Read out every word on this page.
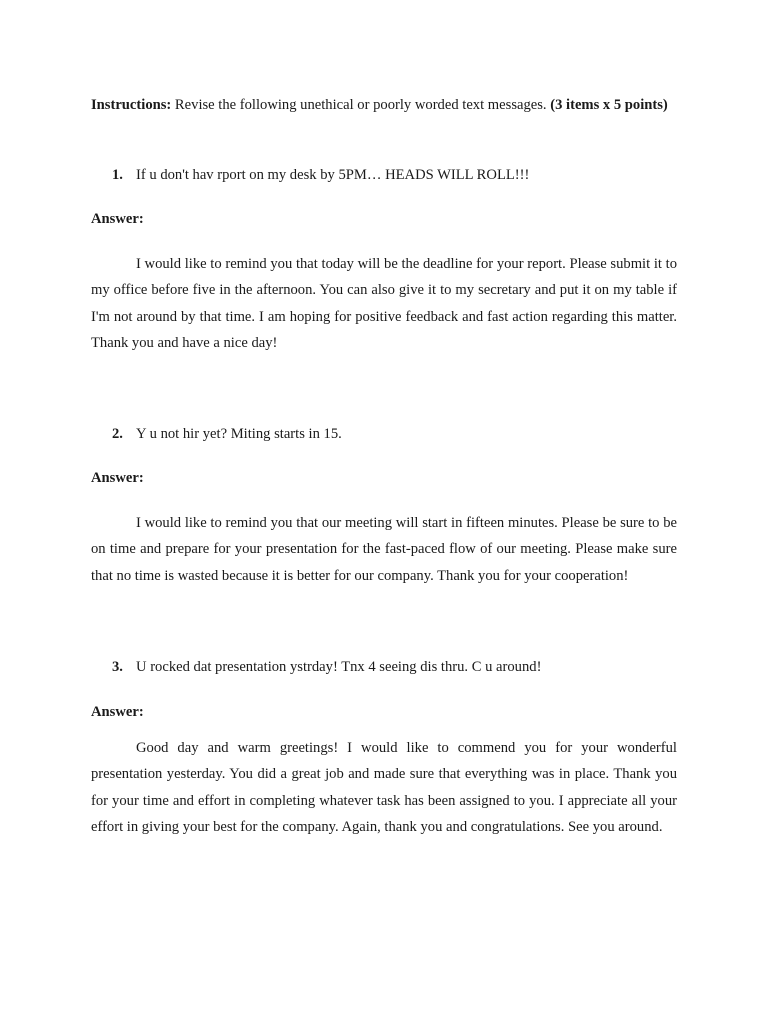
Instructions: Revise the following unethical or poorly worded text messages. (3 items x 5 points)
1. If u don't hav rport on my desk by 5PM… HEADS WILL ROLL!!!
Answer:
I would like to remind you that today will be the deadline for your report. Please submit it to my office before five in the afternoon. You can also give it to my secretary and put it on my table if I'm not around by that time. I am hoping for positive feedback and fast action regarding this matter. Thank you and have a nice day!
2. Y u not hir yet? Miting starts in 15.
Answer:
I would like to remind you that our meeting will start in fifteen minutes. Please be sure to be on time and prepare for your presentation for the fast-paced flow of our meeting. Please make sure that no time is wasted because it is better for our company. Thank you for your cooperation!
3. U rocked dat presentation ystrday! Tnx 4 seeing dis thru. C u around!
Answer:
Good day and warm greetings! I would like to commend you for your wonderful presentation yesterday. You did a great job and made sure that everything was in place. Thank you for your time and effort in completing whatever task has been assigned to you. I appreciate all your effort in giving your best for the company. Again, thank you and congratulations. See you around.
